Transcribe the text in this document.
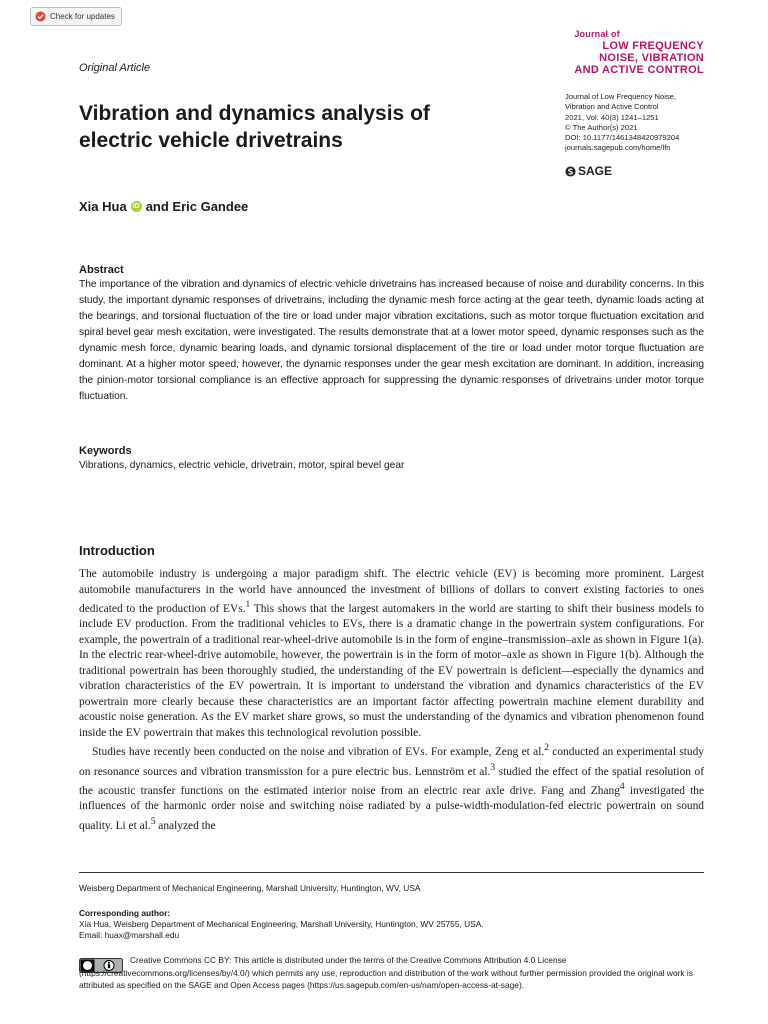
Check for updates
Original Article
Journal of
LOW FREQUENCY
NOISE, VIBRATION
AND ACTIVE CONTROL
Journal of Low Frequency Noise,
Vibration and Active Control
2021, Vol. 40(3) 1241–1251
© The Author(s) 2021
DOI: 10.1177/1461348420979204
journals.sagepub.com/home/lfn
SAGE
Vibration and dynamics analysis of electric vehicle drivetrains
Xia Hua iD and Eric Gandee
Abstract
The importance of the vibration and dynamics of electric vehicle drivetrains has increased because of noise and durability concerns. In this study, the important dynamic responses of drivetrains, including the dynamic mesh force acting at the gear teeth, dynamic loads acting at the bearings, and torsional fluctuation of the tire or load under major vibration excitations, such as motor torque fluctuation excitation and spiral bevel gear mesh excitation, were investigated. The results demonstrate that at a lower motor speed, dynamic responses such as the dynamic mesh force, dynamic bearing loads, and dynamic torsional displacement of the tire or load under motor torque fluctuation are dominant. At a higher motor speed, however, the dynamic responses under the gear mesh excitation are dominant. In addition, increasing the pinion-motor torsional compliance is an effective approach for suppressing the dynamic responses of drivetrains under motor torque fluctuation.
Keywords
Vibrations, dynamics, electric vehicle, drivetrain, motor, spiral bevel gear
Introduction

The automobile industry is undergoing a major paradigm shift. The electric vehicle (EV) is becoming more prominent. Largest automobile manufacturers in the world have announced the investment of billions of dollars to convert existing factories to ones dedicated to the production of EVs.$^1$ This shows that the largest automakers in the world are starting to shift their business models to include EV production. From the traditional vehicles to EVs, there is a dramatic change in the powertrain system configurations. For example, the powertrain of a traditional rear-wheel-drive automobile is in the form of engine–transmission–axle as shown in Figure 1(a). In the electric rear-wheel-drive automobile, however, the powertrain is in the form of motor–axle as shown in Figure 1(b). Although the traditional powertrain has been thoroughly studied, the understanding of the EV powertrain is deficient—especially the dynamics and vibration characteristics of the EV powertrain. It is important to understand the vibration and dynamics characteristics of the EV powertrain more clearly because these characteristics are an important factor affecting powertrain machine element durability and acoustic noise generation. As the EV market share grows, so must the understanding of the dynamics and vibration phenomenon found inside the EV powertrain that makes this technological revolution possible.

Studies have recently been conducted on the noise and vibration of EVs. For example, Zeng et al.$^2$ conducted an experimental study on resonance sources and vibration transmission for a pure electric bus. Lennström et al.$^3$ studied the effect of the spatial resolution of the acoustic transfer functions on the estimated interior noise from an electric rear axle drive. Fang and Zhang$^4$ investigated the influences of the harmonic order noise and switching noise radiated by a pulse-width-modulation-fed electric powertrain on sound quality. Li et al.$^5$ analyzed the

Weisberg Department of Mechanical Engineering, Marshall University, Huntington, WV, USA
Corresponding author:
Xia Hua, Weisberg Department of Mechanical Engineering, Marshall University, Huntington, WV 25755, USA.
Email: huax@marshall.edu
Creative Commons CC BY: This article is distributed under the terms of the Creative Commons Attribution 4.0 License (https://creativecommons.org/licenses/by/4.0/) which permits any use, reproduction and distribution of the work without further permission provided the original work is attributed as specified on the SAGE and Open Access pages (https://us.sagepub.com/en-us/nam/open-access-at-sage).
